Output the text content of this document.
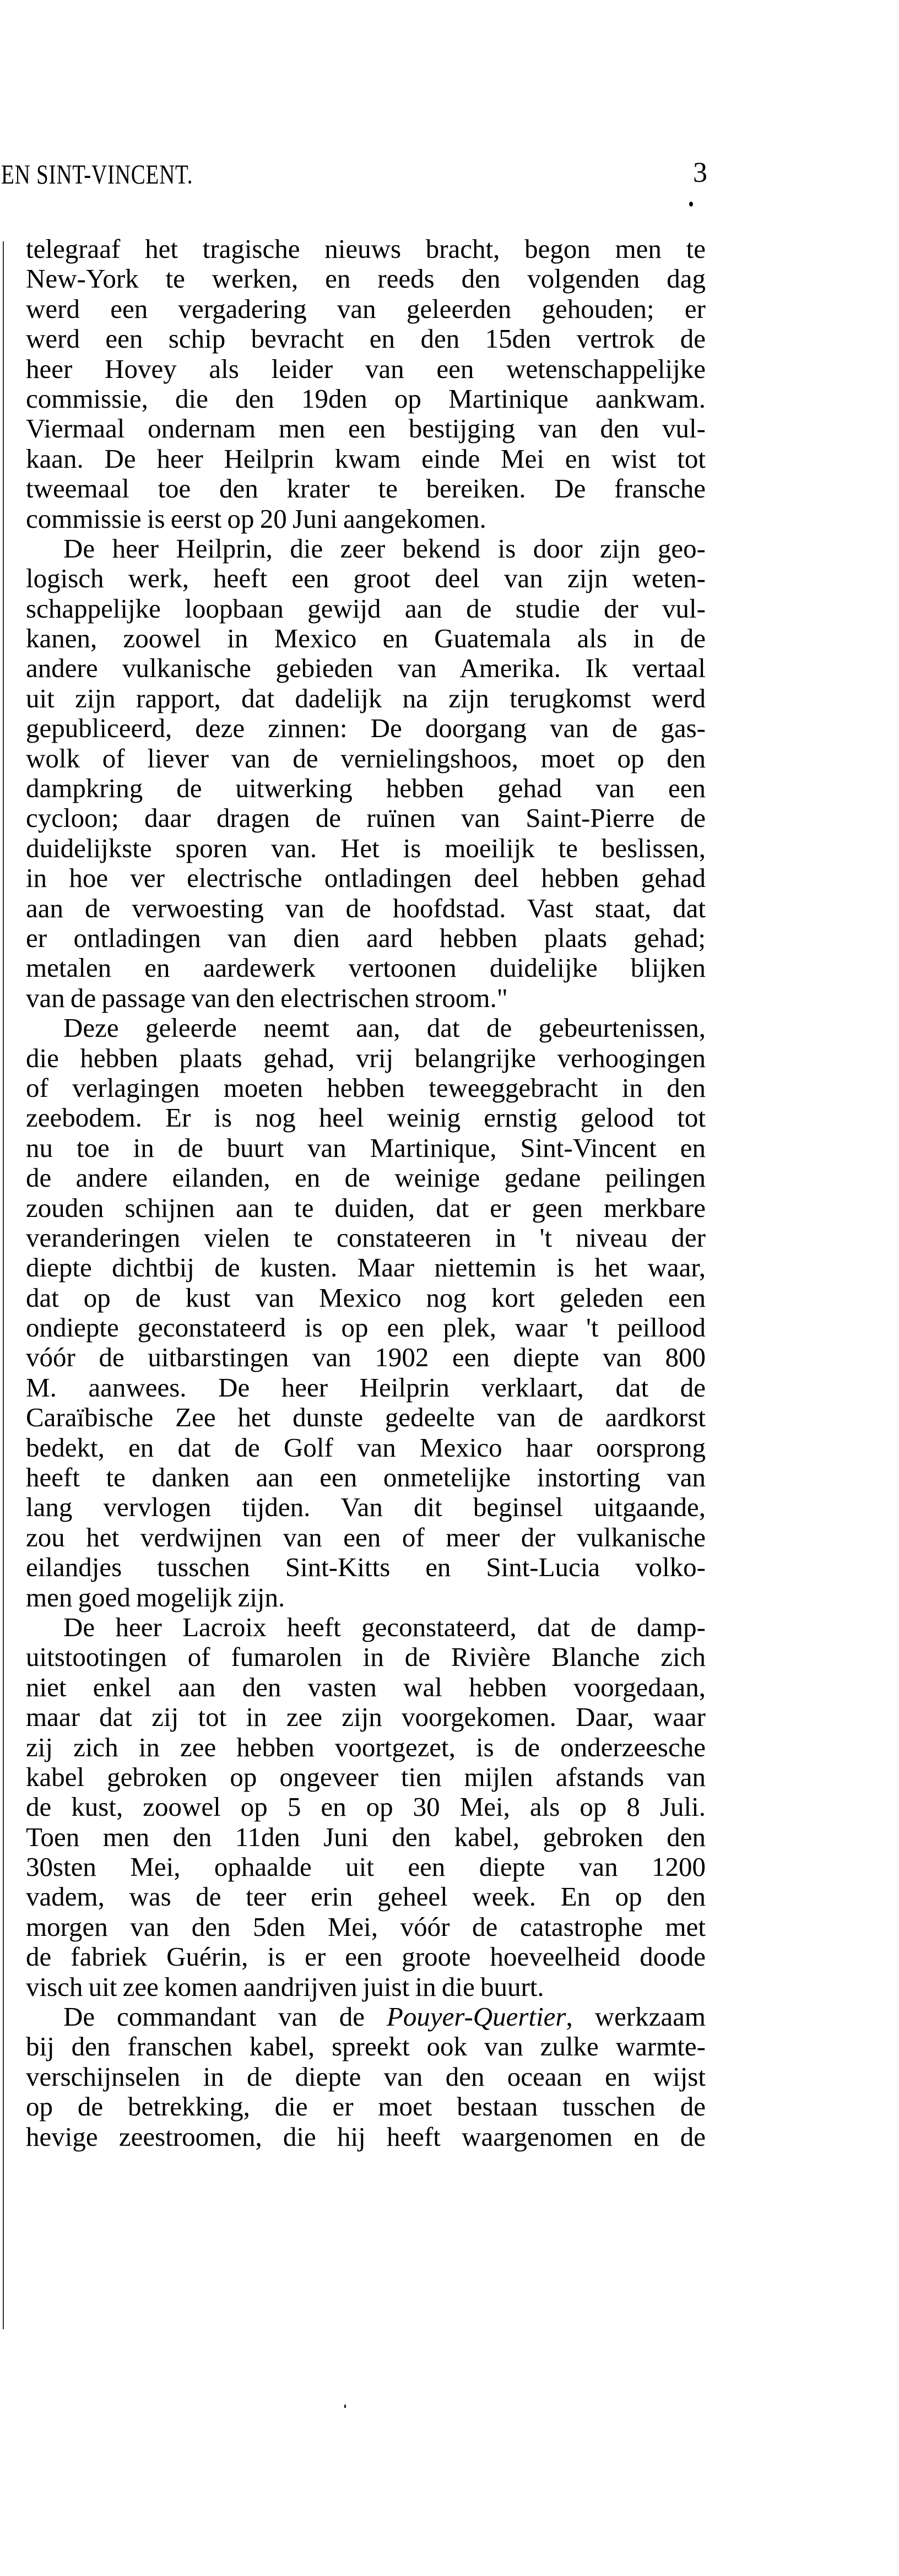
EN SINT-VINCENT.	3
telegraaf het tragische nieuws bracht, begon men te
New-York te werken, en reeds den volgenden dag
werd een vergadering van geleerden gehouden; er
werd een schip bevracht en den 15den vertrok de
heer Hovey als leider van een wetenschappelijke
commissie, die den 19den op Martinique aankwam.
Viermaal ondernam men een bestijging van den vul-
kaan. De heer Heilprin kwam einde Mei en wist tot
tweemaal toe den krater te bereiken. De fransche
commissie is eerst op 20 Juni aangekomen.
De heer Heilprin, die zeer bekend is door zijn geo-
logisch werk, heeft een groot deel van zijn weten-
schappelijke loopbaan gewijd aan de studie der vul-
kanen, zoowel in Mexico en Guatemala als in de
andere vulkanische gebieden van Amerika. Ik vertaal
uit zijn rapport, dat dadelijk na zijn terugkomst werd
gepubliceerd, deze zinnen: De doorgang van de gas-
wolk of liever van de vernielingshoos, moet op den
dampkring de uitwerking hebben gehad van een
cycloon; daar dragen de ruïnen van Saint-Pierre de
duidelijkste sporen van. Het is moeilijk te beslissen,
in hoe ver electrische ontladingen deel hebben gehad
aan de verwoesting van de hoofdstad. Vast staat, dat
er ontladingen van dien aard hebben plaats gehad;
metalen en aardewerk vertoonen duidelijke blijken
van de passage van den electrischen stroom."
Deze geleerde neemt aan, dat de gebeurtenissen,
die hebben plaats gehad, vrij belangrijke verhoogingen
of verlagingen moeten hebben teweeggebracht in den
zeebodem. Er is nog heel weinig ernstig gelood tot
nu toe in de buurt van Martinique, Sint-Vincent en
de andere eilanden, en de weinige gedane peilingen
zouden schijnen aan te duiden, dat er geen merkbare
veranderingen vielen te constateeren in 't niveau der
diepte dichtbij de kusten. Maar niettemin is het waar,
dat op de kust van Mexico nog kort geleden een
ondiepte geconstateerd is op een plek, waar 't peillood
vóór de uitbarstingen van 1902 een diepte van 800
M. aanwees. De heer Heilprin verklaart, dat de
Caraïbische Zee het dunste gedeelte van de aardkorst
bedekt, en dat de Golf van Mexico haar oorsprong
heeft te danken aan een onmetelijke instorting van
lang vervlogen tijden. Van dit beginsel uitgaande,
zou het verdwijnen van een of meer der vulkanische
eilandjes tusschen Sint-Kitts en Sint-Lucia volko-
men goed mogelijk zijn.
De heer Lacroix heeft geconstateerd, dat de damp-
uitstootingen of fumarolen in de Rivière Blanche zich
niet enkel aan den vasten wal hebben voorgedaan,
maar dat zij tot in zee zijn voorgekomen. Daar, waar
zij zich in zee hebben voortgezet, is de onderzeesche
kabel gebroken op ongeveer tien mijlen afstands van
de kust, zoowel op 5 en op 30 Mei, als op 8 Juli.
Toen men den 11den Juni den kabel, gebroken den
30sten Mei, ophaalde uit een diepte van 1200
vadem, was de teer erin geheel week. En op den
morgen van den 5den Mei, vóór de catastrophe met
de fabriek Guérin, is er een groote hoeveelheid doode
visch uit zee komen aandrijven juist in die buurt.
De commandant van de Pouyer-Quertier, werkzaam
bij den franschen kabel, spreekt ook van zulke warmte-
verschijnselen in de diepte van den oceaan en wijst
op de betrekking, die er moet bestaan tusschen de
hevige zeestroomen, die hij heeft waargenomen en de
